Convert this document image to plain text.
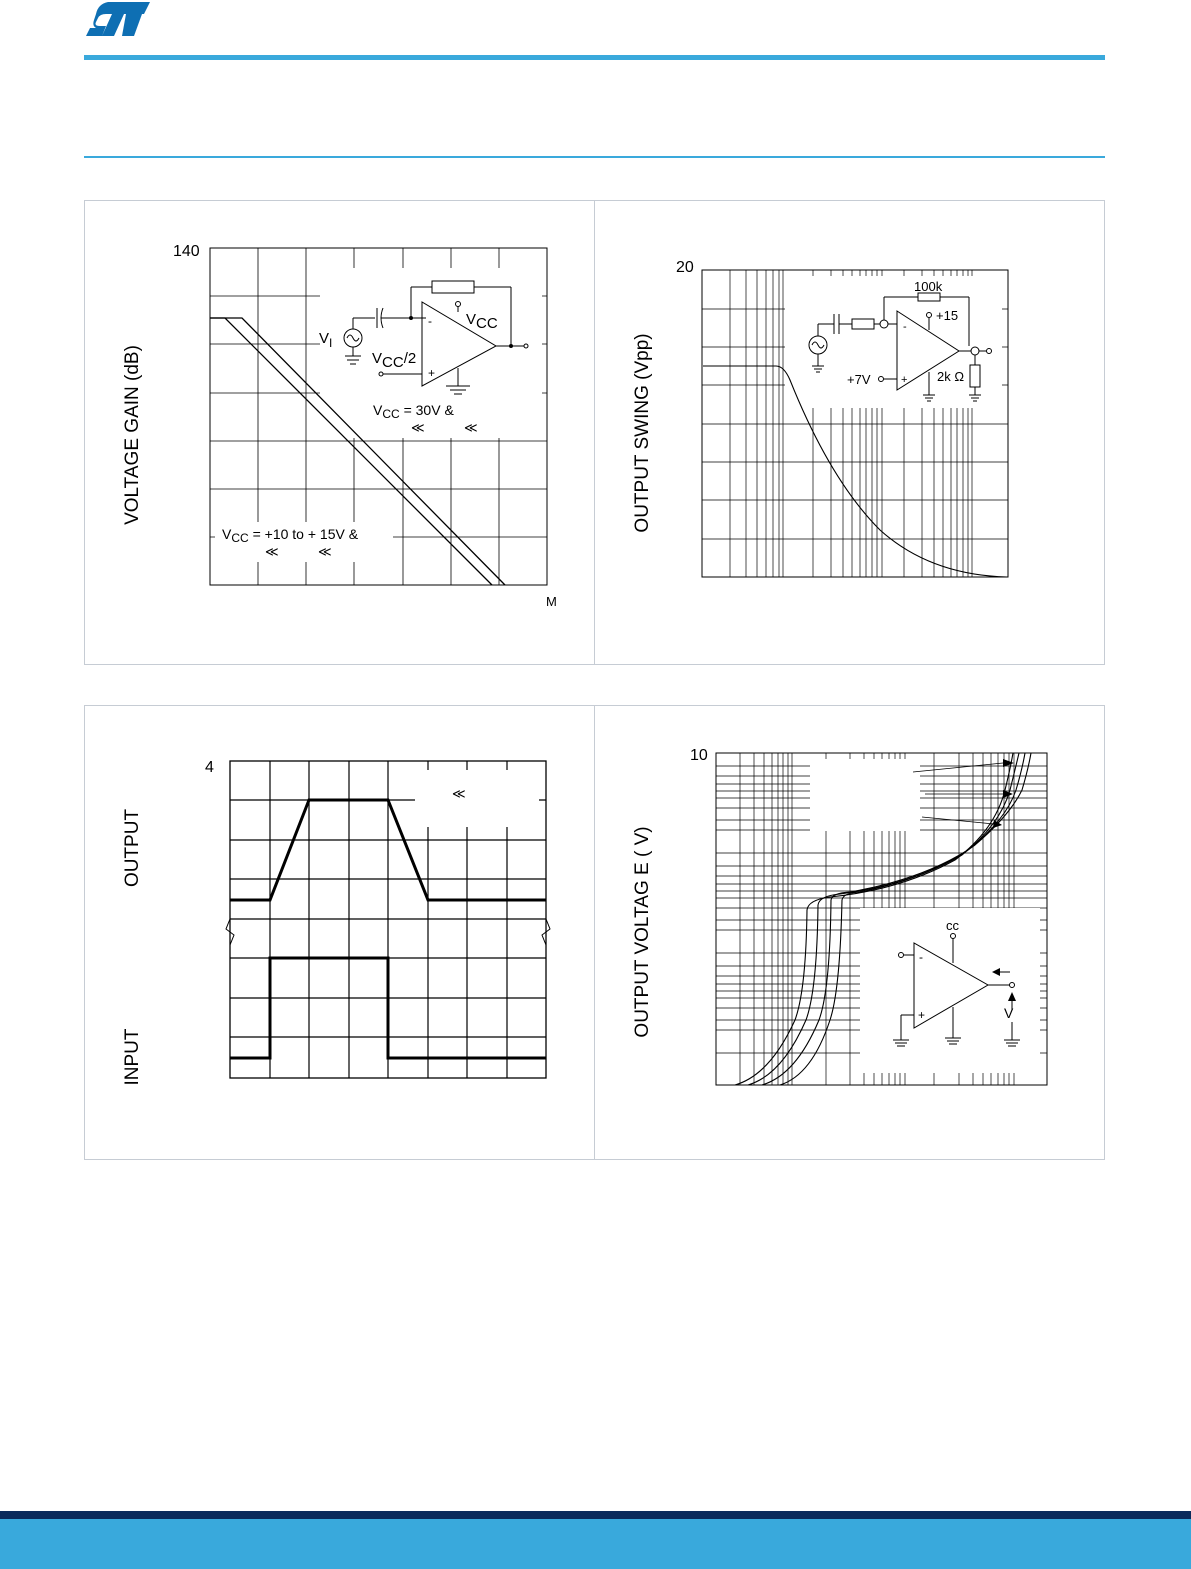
-
+
VOLTAGE GAIN (dB)
140
M
$V_I$
VCC
VCC/2
VCC = 30V &
≪	≪
VCC = +10 to + 15V &
≪	≪
-
+
OUTPUT SWING (Vpp)
20
100k
+15
+7V	2k Ω
OUTPUT
INPUT
4
≪
-
+
OUTPUT VOLTAG E ( V)
10
cc
V
